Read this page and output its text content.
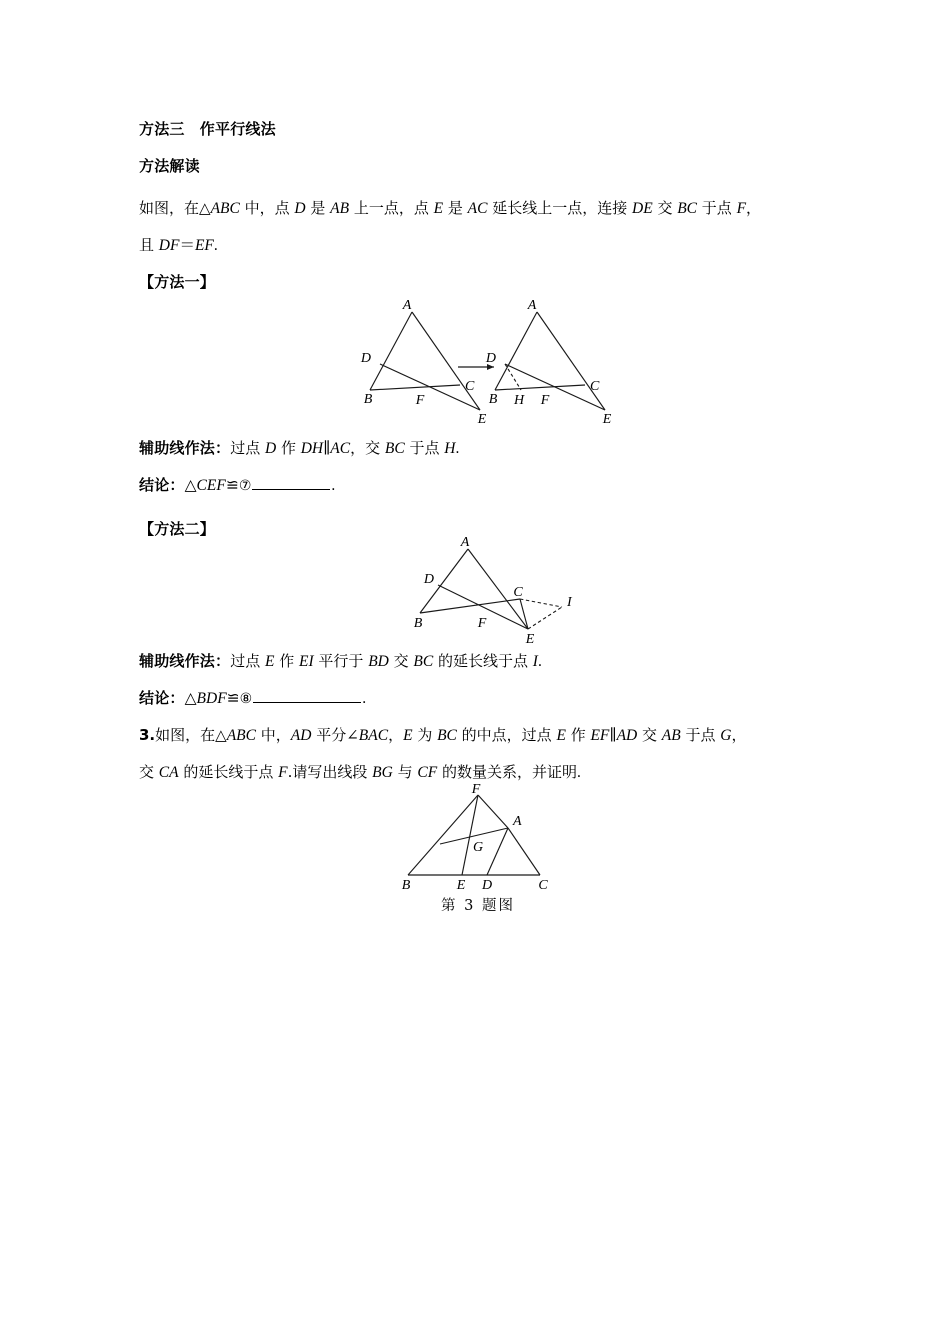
方法三　作平行线法
方法解读
如图，在△ABC 中，点 D 是 AB 上一点，点 E 是 AC 延长线上一点，连接 DE 交 BC 于点 F，
且 DF＝EF.
【方法一】
A
D
B	F
C
E
A
D
B H F
C
E
辅助线作法：过点 D 作 DH∥AC，交 BC 于点 H.
结论：△CEF≌⑦	.
【方法二】
A
D
B	F
C
E
I
辅助线作法：过点 E 作 EI 平行于 BD 交 BC 的延长线于点 I.
结论：△BDF≌⑧	.
3.如图，在△ABC 中，AD 平分∠BAC，E 为 BC 的中点，过点 E 作 EF∥AD 交 AB 于点 G，
交 CA 的延长线于点 F.请写出线段 BG 与 CF 的数量关系，并证明.
F
A
G
B	E D	C
第 3 题图
